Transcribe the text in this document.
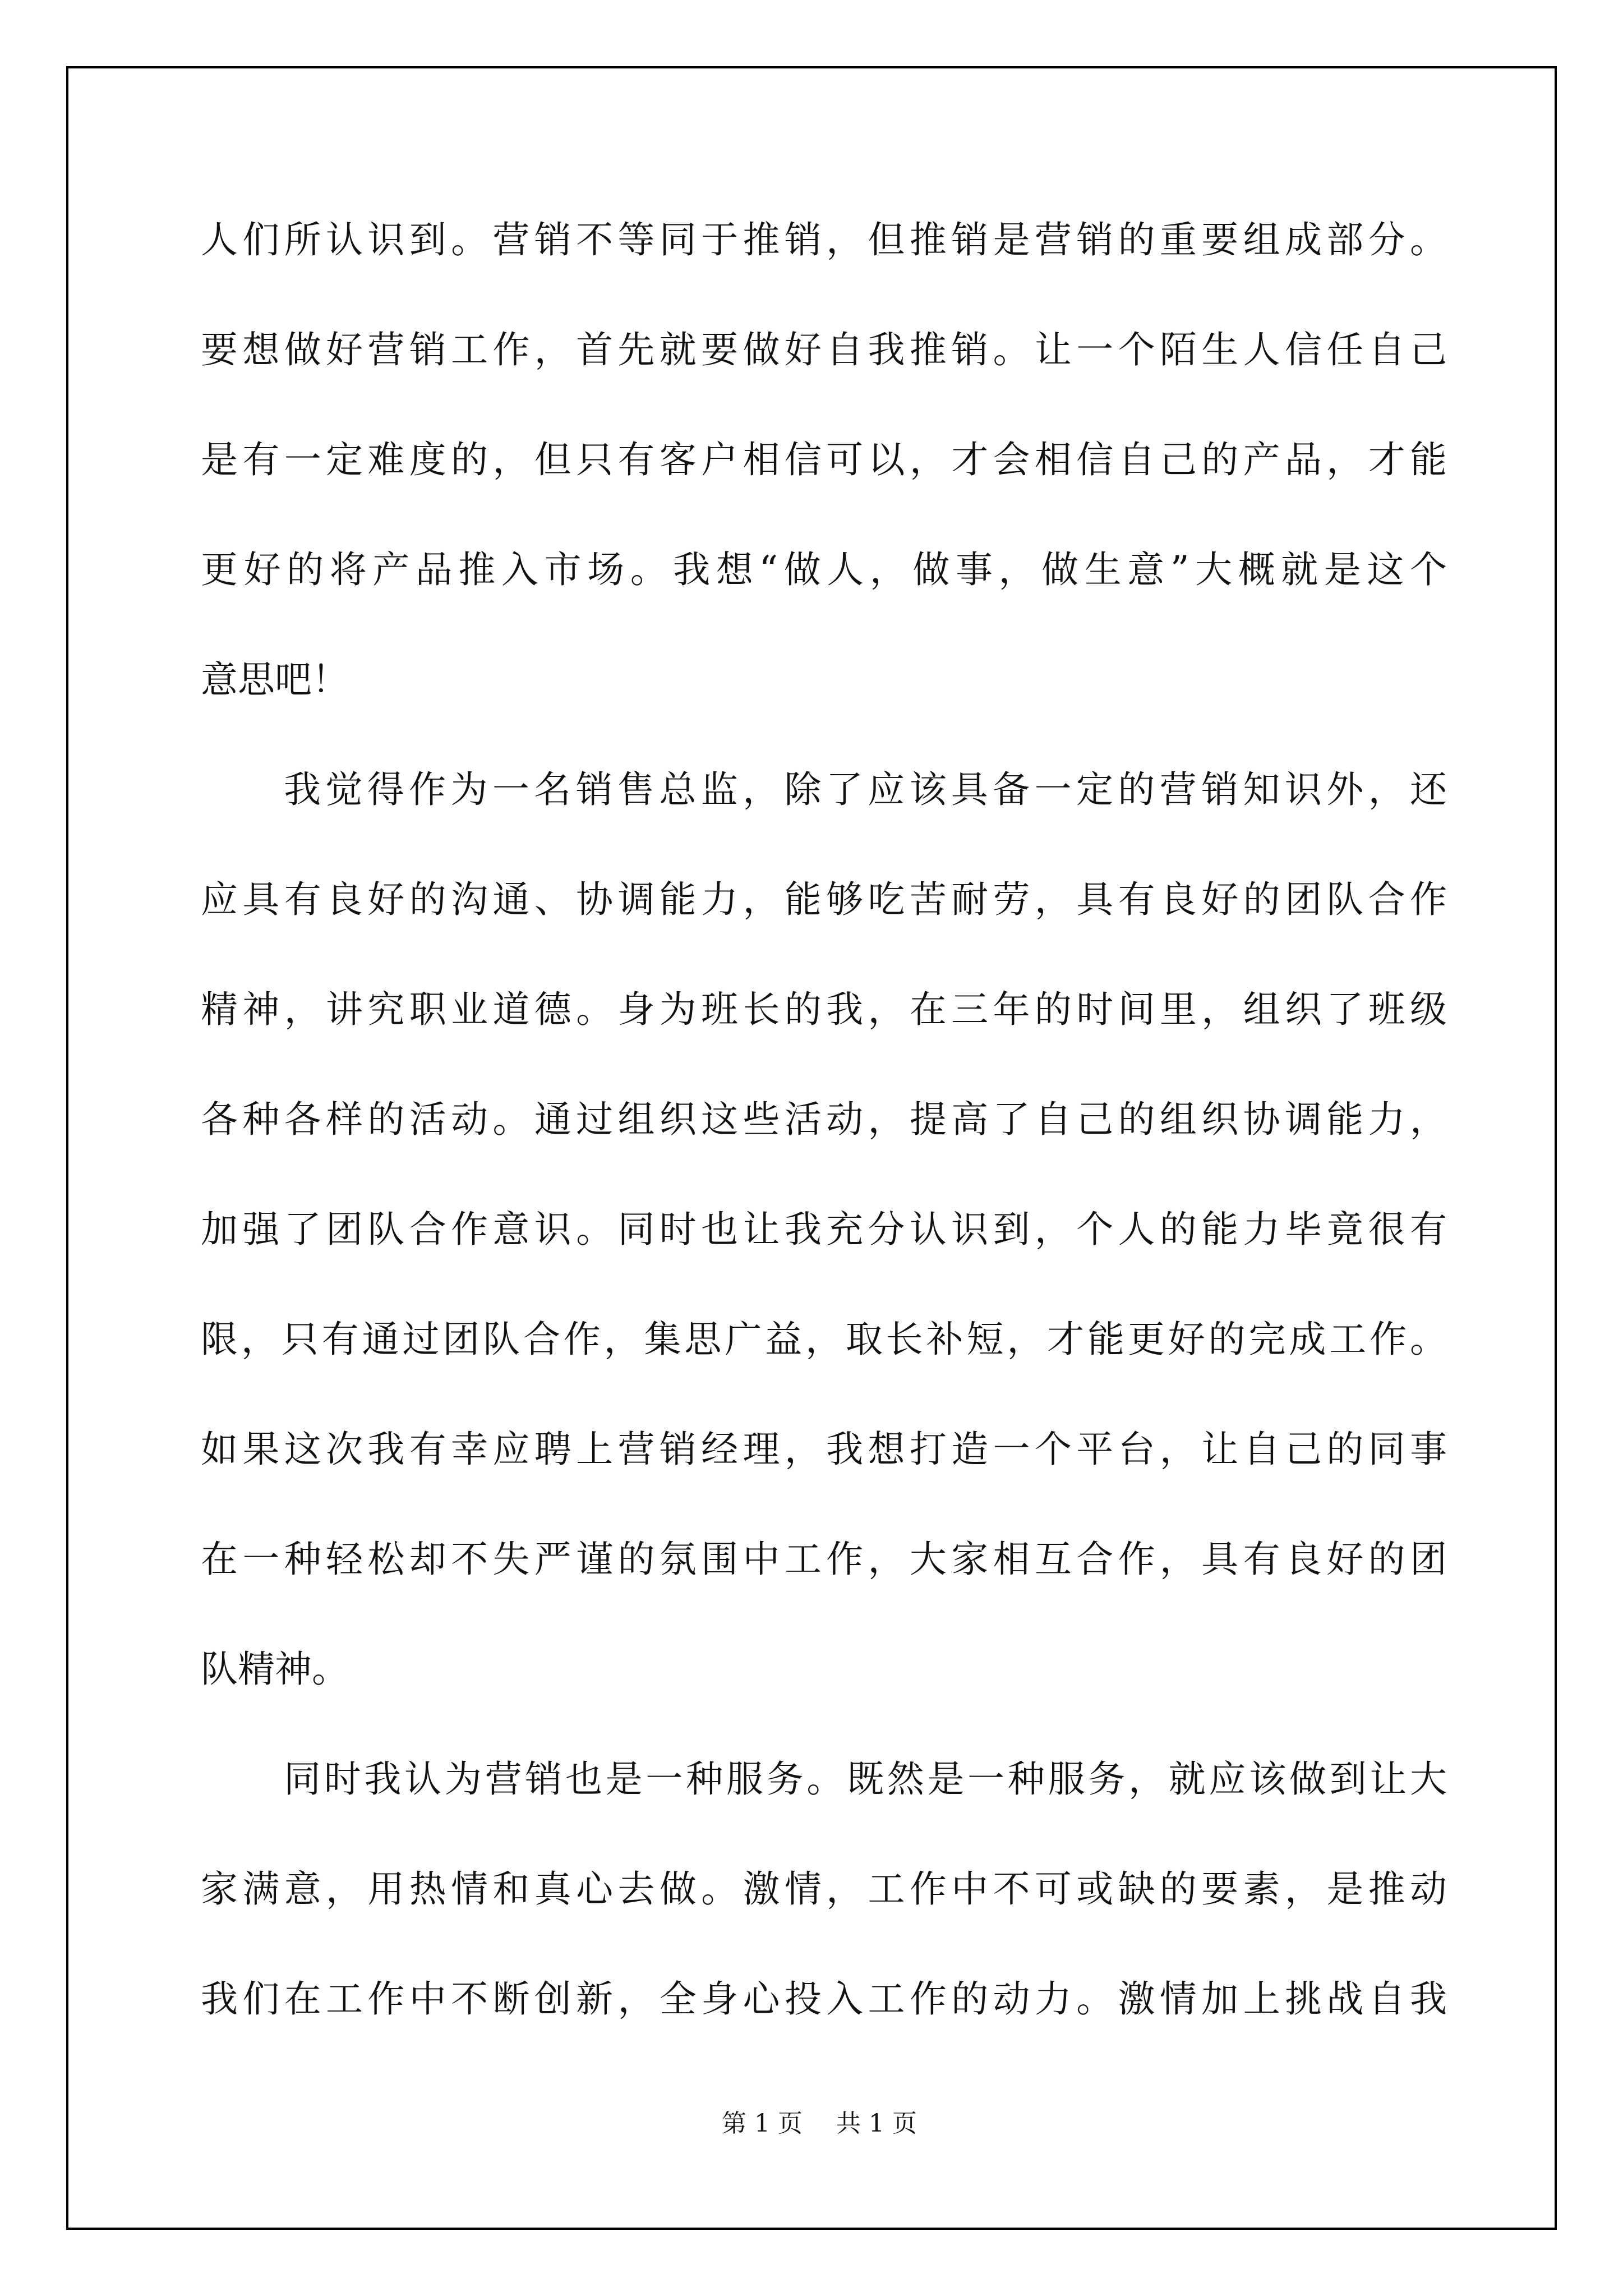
人们所认识到。营销不等同于推销，但推销是营销的重要组成部分。
要想做好营销工作，首先就要做好自我推销。让一个陌生人信任自己
是有一定难度的，但只有客户相信可以，才会相信自己的产品，才能
更好的将产品推入市场。我想“做人，做事，做生意”大概就是这个
意思吧！
我觉得作为一名销售总监，除了应该具备一定的营销知识外，还
应具有良好的沟通、协调能力，能够吃苦耐劳，具有良好的团队合作
精神，讲究职业道德。身为班长的我，在三年的时间里，组织了班级
各种各样的活动。通过组织这些活动，提高了自己的组织协调能力，
加强了团队合作意识。同时也让我充分认识到，个人的能力毕竟很有
限，只有通过团队合作，集思广益，取长补短，才能更好的完成工作。
如果这次我有幸应聘上营销经理，我想打造一个平台，让自己的同事
在一种轻松却不失严谨的氛围中工作，大家相互合作，具有良好的团
队精神。
同时我认为营销也是一种服务。既然是一种服务，就应该做到让大
家满意，用热情和真心去做。激情，工作中不可或缺的要素，是推动
我们在工作中不断创新，全身心投入工作的动力。激情加上挑战自我

第 1 页 共 1 页
